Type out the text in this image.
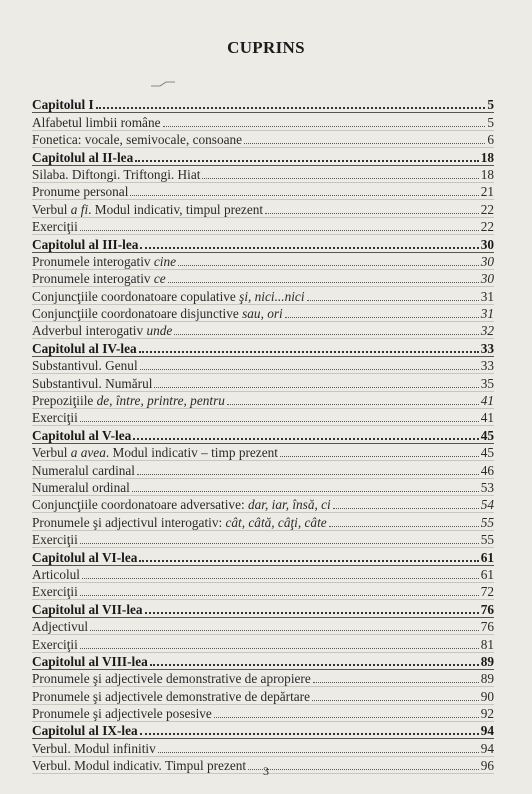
CUPRINS
Capitolul I	5
Alfabetul limbii române	5
Fonetica: vocale, semivocale, consoane	6
Capitolul al II-lea	18
Silaba. Diftongi. Triftongi. Hiat	18
Pronume personal	21
Verbul a fi. Modul indicativ, timpul prezent	22
Exerciţii	22
Capitolul al III-lea	30
Pronumele interogativ cine	30
Pronumele interogativ ce	30
Conjuncţiile coordonatoare copulative şi, nici...nici	31
Conjuncţiile coordonatoare disjunctive sau, ori	31
Adverbul interogativ unde	32
Capitolul al IV-lea	33
Substantivul. Genul	33
Substantivul. Numărul	35
Prepoziţiile de, între, printre, pentru	41
Exerciţii	41
Capitolul al V-lea	45
Verbul a avea. Modul indicativ – timp prezent	45
Numeralul cardinal	46
Numeralul ordinal	53
Conjuncţiile coordonatoare adversative: dar, iar, însă, ci	54
Pronumele şi adjectivul interogativ: cât, câtă, câţi, câte	55
Exerciţii	55
Capitolul al VI-lea	61
Articolul	61
Exerciţii	72
Capitolul al VII-lea	76
Adjectivul	76
Exerciţii	81
Capitolul al VIII-lea	89
Pronumele şi adjectivele demonstrative de apropiere	89
Pronumele şi adjectivele demonstrative de depărtare	90
Pronumele şi adjectivele posesive	92
Capitolul al IX-lea	94
Verbul. Modul infinitiv	94
Verbul. Modul indicativ. Timpul prezent	96
3
